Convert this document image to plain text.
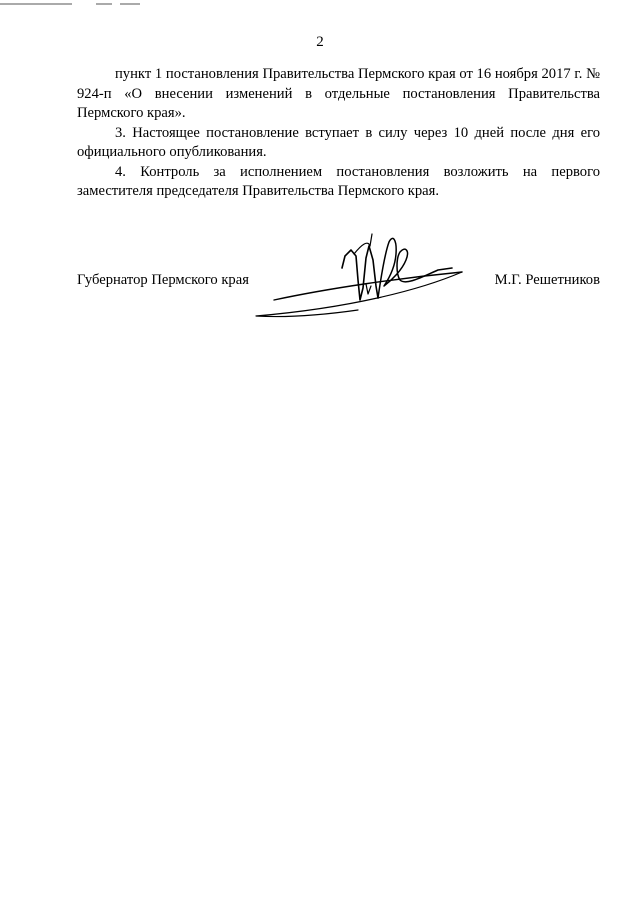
2

пункт 1 постановления Правительства Пермского края от 16 ноября 2017 г. № 924-п «О внесении изменений в отдельные постановления Правительства Пермского края».

3. Настоящее постановление вступает в силу через 10 дней после дня его официального опубликования.

4. Контроль за исполнением постановления возложить на первого заместителя председателя Правительства Пермского края.

Губернатор Пермского края	М.Г. Решетников
